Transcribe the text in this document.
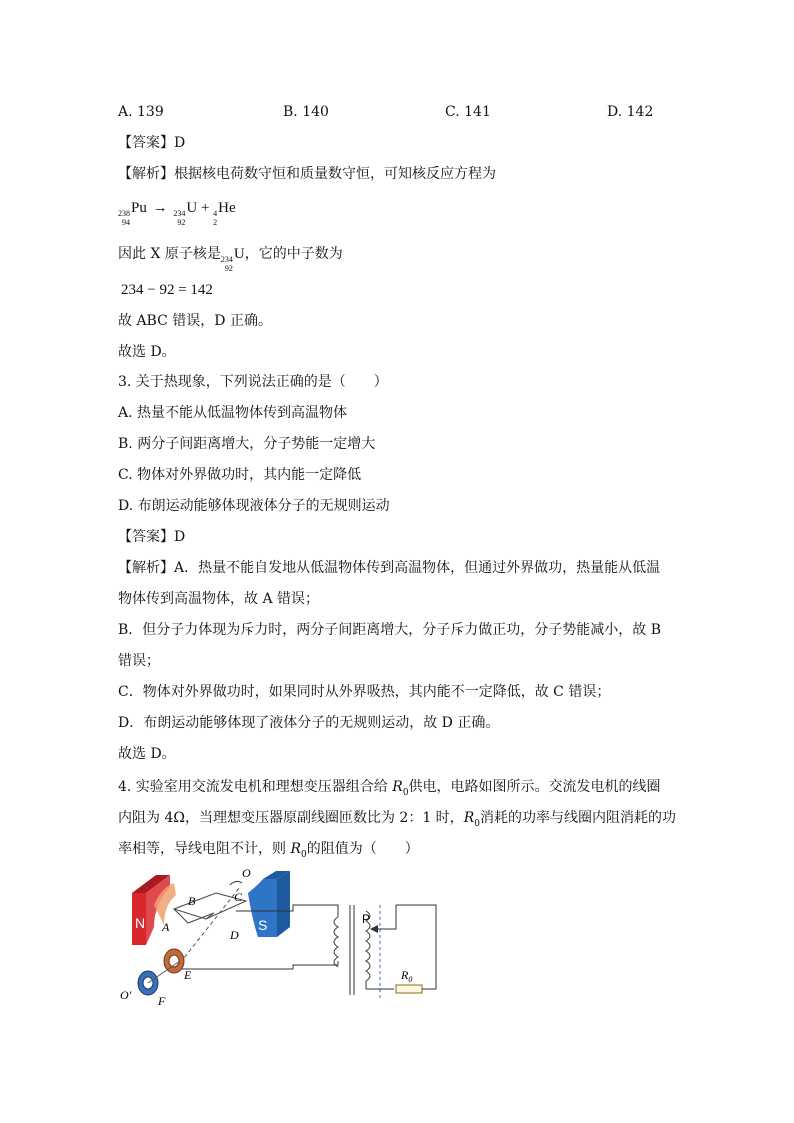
A. 139	B. 140	C. 141	D. 142
【答案】D
【解析】根据核电荷数守恒和质量数守恒，可知核反应方程为
238
94
Pu → 234
92
U + 4
2
He
因此 X 原子核是 234
92
U，它的中子数为
234 − 92 = 142
故 ABC 错误，D 正确。
故选 D。
3. 关于热现象，下列说法正确的是（　　）
A. 热量不能从低温物体传到高温物体
B. 两分子间距离增大，分子势能一定增大
C. 物体对外界做功时，其内能一定降低
D. 布朗运动能够体现液体分子的无规则运动
【答案】D
【解析】A．热量不能自发地从低温物体传到高温物体，但通过外界做功，热量能从低温
物体传到高温物体，故 A 错误；
B．但分子力体现为斥力时，两分子间距离增大，分子斥力做正功，分子势能减小，故 B
错误；
C．物体对外界做功时，如果同时从外界吸热，其内能不一定降低，故 C 错误；
D．布朗运动能够体现了液体分子的无规则运动，故 D 正确。
故选 D。
4. 实验室用交流发电机和理想变压器组合给 $R_0$供电，电路如图所示。交流发电机的线圈
内阻为 4Ω，当理想变压器原副线圈匝数比为 2：1 时，$R_0$消耗的功率与线圈内阻消耗的功
率相等，导线电阻不计，则 $R_0$的阻值为（　　）
N	S
O
B	C
A
D
E
F
O′
P
$R_0$
